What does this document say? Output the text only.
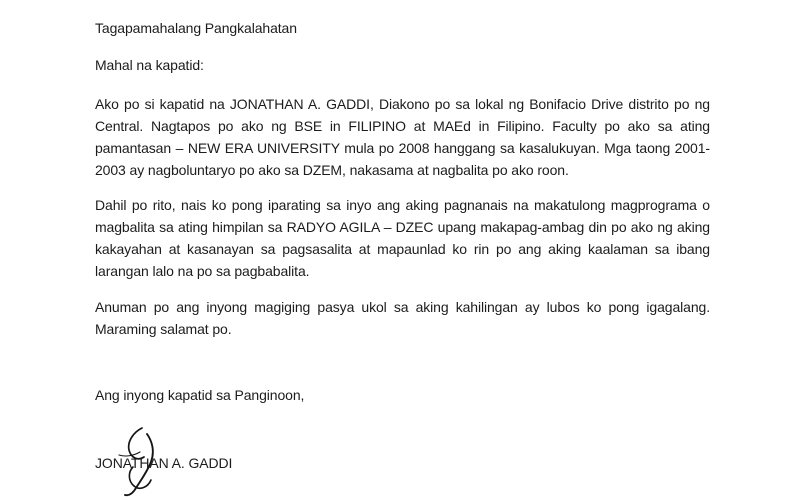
Tagapamahalang Pangkalahatan
Mahal na kapatid:
Ako po si kapatid na JONATHAN A. GADDI, Diakono po sa lokal ng Bonifacio Drive distrito po ng
Central. Nagtapos po ako ng BSE in FILIPINO at MAEd in Filipino. Faculty po ako sa ating
pamantasan – NEW ERA UNIVERSITY mula po 2008 hanggang sa kasalukuyan. Mga taong 2001-
2003 ay nagboluntaryo po ako sa DZEM, nakasama at nagbalita po ako roon.
Dahil po rito, nais ko pong iparating sa inyo ang aking pagnanais na makatulong magprograma o
magbalita sa ating himpilan sa RADYO AGILA – DZEC upang makapag-ambag din po ako ng aking
kakayahan at kasanayan sa pagsasalita at mapaunlad ko rin po ang aking kaalaman sa ibang
larangan lalo na po sa pagbabalita.
Anuman po ang inyong magiging pasya ukol sa aking kahilingan ay lubos ko pong igagalang.
Maraming salamat po.
Ang inyong kapatid sa Panginoon,
JONATHAN A. GADDI
